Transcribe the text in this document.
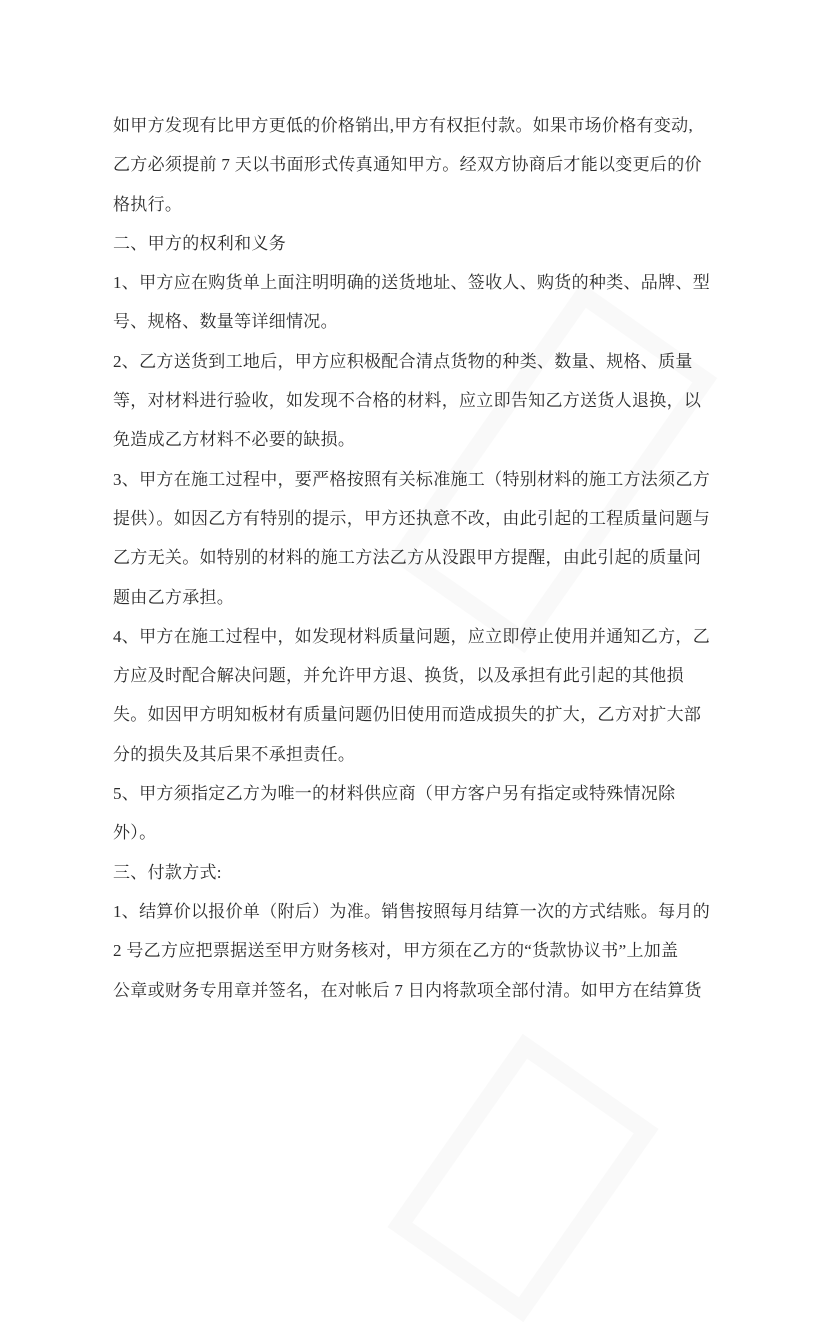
如甲方发现有比甲方更低的价格销出,甲方有权拒付款。如果市场价格有变动,
乙方必须提前 7 天以书面形式传真通知甲方。经双方协商后才能以变更后的价
格执行。
二、甲方的权利和义务
1、甲方应在购货单上面注明明确的送货地址、签收人、购货的种类、品牌、型
号、规格、数量等详细情况。
2、乙方送货到工地后，甲方应积极配合清点货物的种类、数量、规格、质量
等，对材料进行验收，如发现不合格的材料，应立即告知乙方送货人退换，以
免造成乙方材料不必要的缺损。
3、甲方在施工过程中，要严格按照有关标准施工（特别材料的施工方法须乙方
提供）。如因乙方有特别的提示，甲方还执意不改，由此引起的工程质量问题与
乙方无关。如特别的材料的施工方法乙方从没跟甲方提醒，由此引起的质量问
题由乙方承担。
4、甲方在施工过程中，如发现材料质量问题，应立即停止使用并通知乙方，乙
方应及时配合解决问题，并允许甲方退、换货，以及承担有此引起的其他损
失。如因甲方明知板材有质量问题仍旧使用而造成损失的扩大，乙方对扩大部
分的损失及其后果不承担责任。
5、甲方须指定乙方为唯一的材料供应商（甲方客户另有指定或特殊情况除
外）。
三、付款方式:
1、结算价以报价单（附后）为准。销售按照每月结算一次的方式结账。每月的
2 号乙方应把票据送至甲方财务核对，甲方须在乙方的“货款协议书”上加盖
公章或财务专用章并签名，在对帐后 7 日内将款项全部付清。如甲方在结算货
